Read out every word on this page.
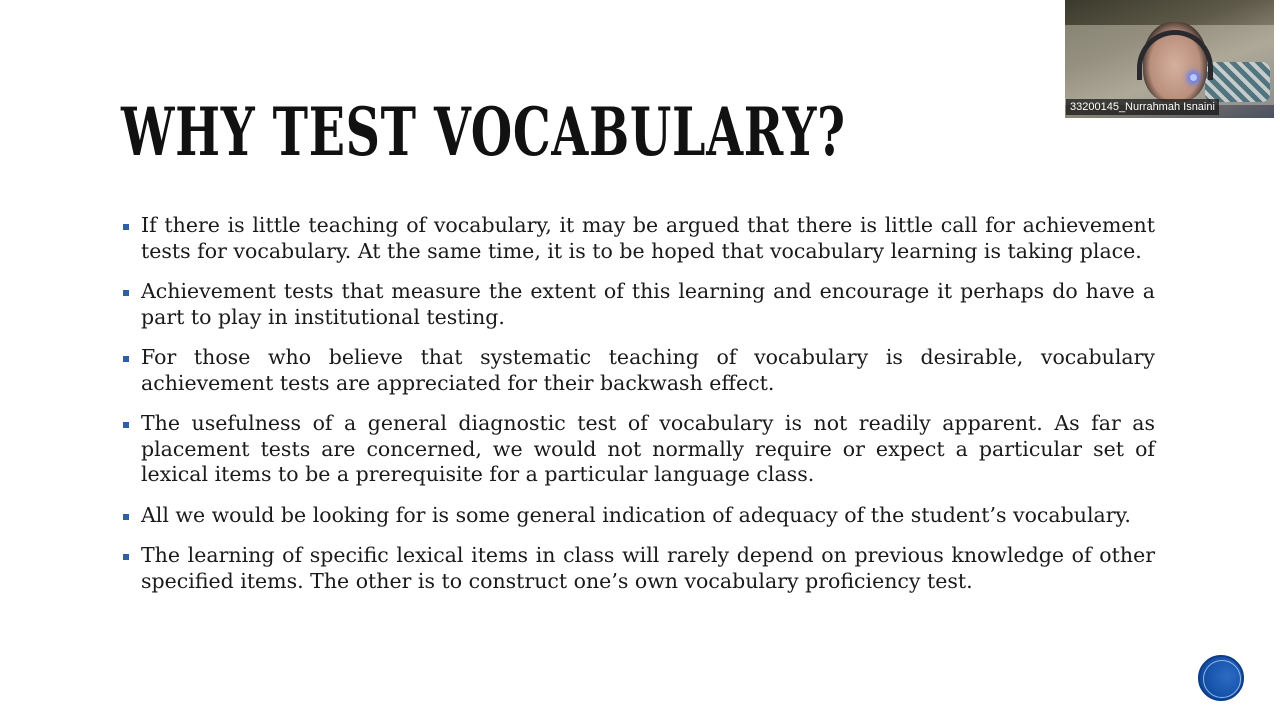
WHY TEST VOCABULARY?
If there is little teaching of vocabulary, it may be argued that there is little call for achievement tests for vocabulary. At the same time, it is to be hoped that vocabulary learning is taking place.
Achievement tests that measure the extent of this learning and encourage it perhaps do have a part to play in institutional testing.
For those who believe that systematic teaching of vocabulary is desirable, vocabulary achievement tests are appreciated for their backwash effect.
The usefulness of a general diagnostic test of vocabulary is not readily apparent. As far as placement tests are concerned, we would not normally require or expect a particular set of lexical items to be a prerequisite for a particular language class.
All we would be looking for is some general indication of adequacy of the student’s vocabulary.
The learning of specific lexical items in class will rarely depend on previous knowledge of other specified items. The other is to construct one’s own vocabulary proficiency test.
33200145_Nurrahmah Isnaini
